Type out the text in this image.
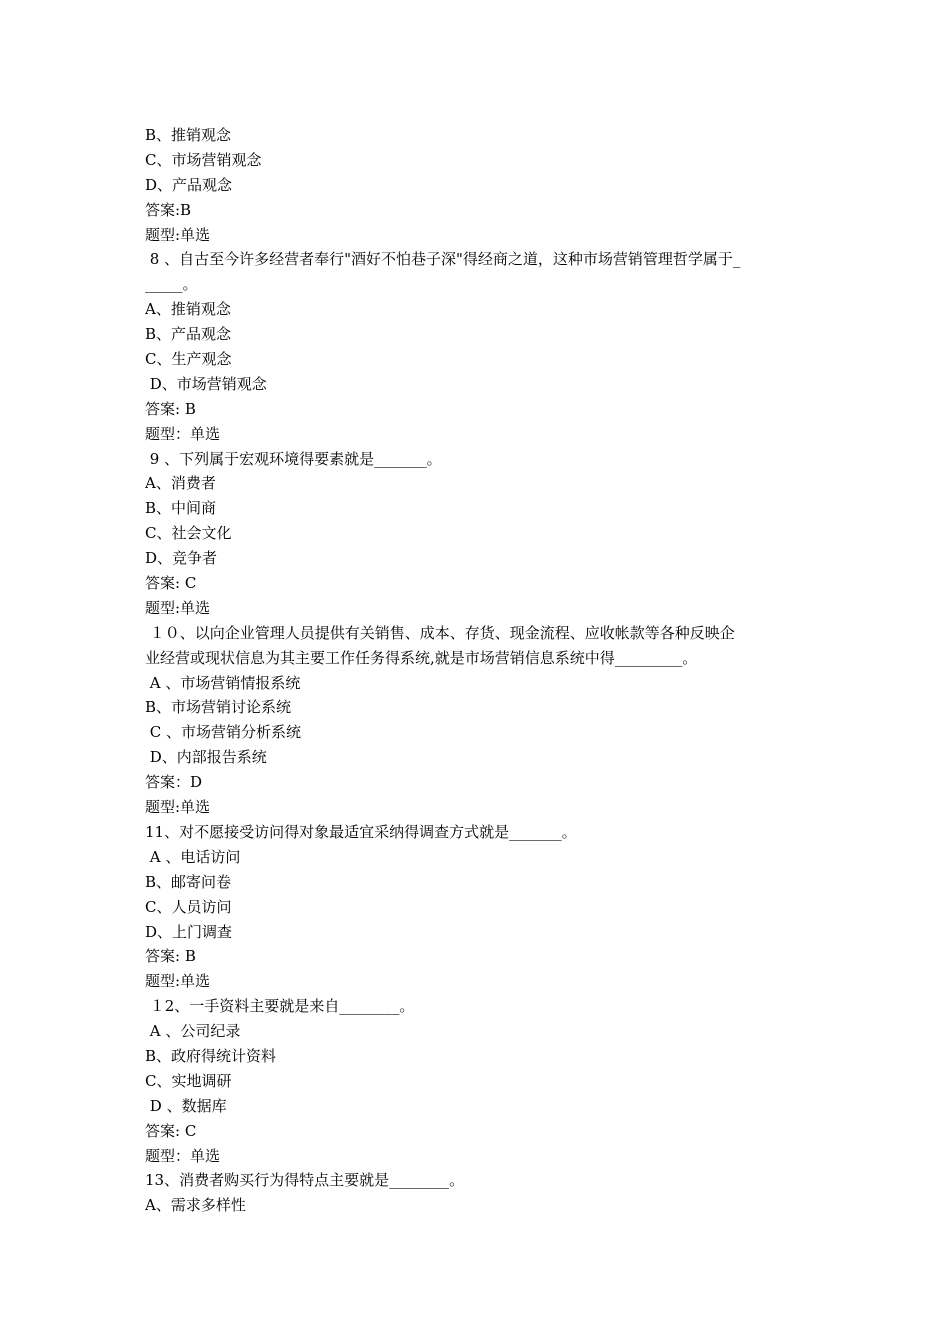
B、推销观念
C、市场营销观念
D、产品观念
答案:B
题型:单选
8 、自古至今许多经营者奉行"酒好不怕巷子深"得经商之道，这种市场营销管理哲学属于_
_____。
A、推销观念
B、产品观念
C、生产观念
D、市场营销观念
答案: B
题型：单选
9 、下列属于宏观环境得要素就是_______。
A、消费者
B、中间商
C、社会文化
D、竞争者
答案: C
题型:单选
１０、以向企业管理人员提供有关销售、成本、存货、现金流程、应收帐款等各种反映企
业经营或现状信息为其主要工作任务得系统,就是市场营销信息系统中得_________。
A 、市场营销情报系统
B、市场营销讨论系统
C 、市场营销分析系统
D、内部报告系统
答案：D
题型:单选
11、对不愿接受访问得对象最适宜采纳得调查方式就是_______。
A 、电话访问
B、邮寄问卷
C、人员访问
D、上门调查
答案: B
题型:单选
１2、一手资料主要就是来自________。
A 、公司纪录
B、政府得统计资料
C、实地调研
D 、数据库
答案: C
题型：单选
13、消费者购买行为得特点主要就是________。
A、需求多样性
